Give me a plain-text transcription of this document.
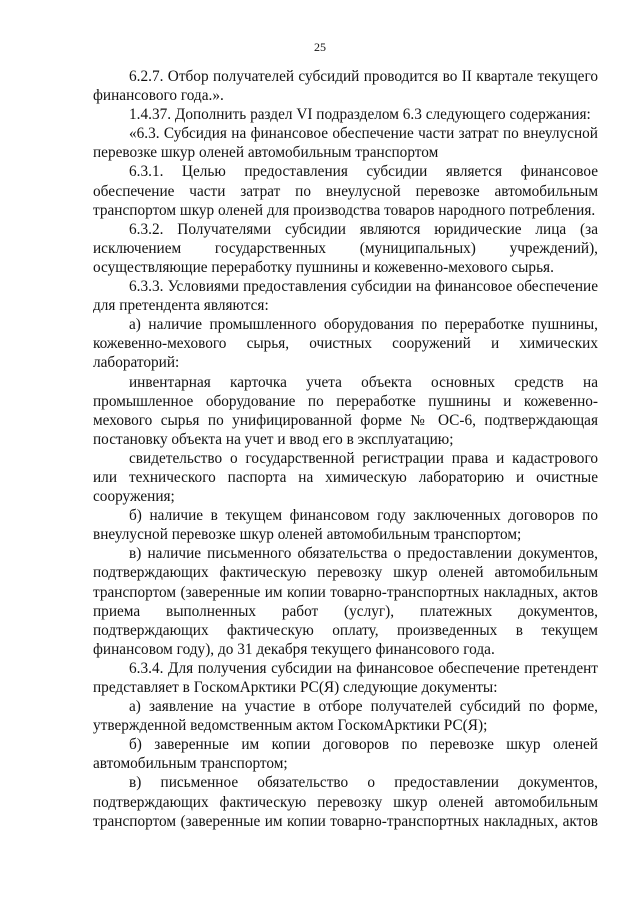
25

6.2.7. Отбор получателей субсидий проводится во II квартале текущего финансового года.».

1.4.37. Дополнить раздел VI подразделом 6.3 следующего содержания:

«6.3. Субсидия на финансовое обеспечение части затрат по внеулусной перевозке шкур оленей автомобильным транспортом

6.3.1. Целью предоставления субсидии является финансовое обеспечение части затрат по внеулусной перевозке автомобильным транспортом шкур оленей для производства товаров народного потребления.

6.3.2. Получателями субсидии являются юридические лица (за исключением государственных (муниципальных) учреждений), осуществляющие переработку пушнины и кожевенно-мехового сырья.

6.3.3. Условиями предоставления субсидии на финансовое обеспечение для претендента являются:

а) наличие промышленного оборудования по переработке пушнины, кожевенно-мехового сырья, очистных сооружений и химических лабораторий:

инвентарная карточка учета объекта основных средств на промышленное оборудование по переработке пушнины и кожевенно-мехового сырья по унифицированной форме № ОС-6, подтверждающая постановку объекта на учет и ввод его в эксплуатацию;

свидетельство о государственной регистрации права и кадастрового или технического паспорта на химическую лабораторию и очистные сооружения;

б) наличие в текущем финансовом году заключенных договоров по внеулусной перевозке шкур оленей автомобильным транспортом;

в) наличие письменного обязательства о предоставлении документов, подтверждающих фактическую перевозку шкур оленей автомобильным транспортом (заверенные им копии товарно-транспортных накладных, актов приема выполненных работ (услуг), платежных документов, подтверждающих фактическую оплату, произведенных в текущем финансовом году), до 31 декабря текущего финансового года.

6.3.4. Для получения субсидии на финансовое обеспечение претендент представляет в ГоскомАрктики РС(Я) следующие документы:

а) заявление на участие в отборе получателей субсидий по форме, утвержденной ведомственным актом ГоскомАрктики РС(Я);

б) заверенные им копии договоров по перевозке шкур оленей автомобильным транспортом;

в) письменное обязательство о предоставлении документов, подтверждающих фактическую перевозку шкур оленей автомобильным транспортом (заверенные им копии товарно-транспортных накладных, актов
